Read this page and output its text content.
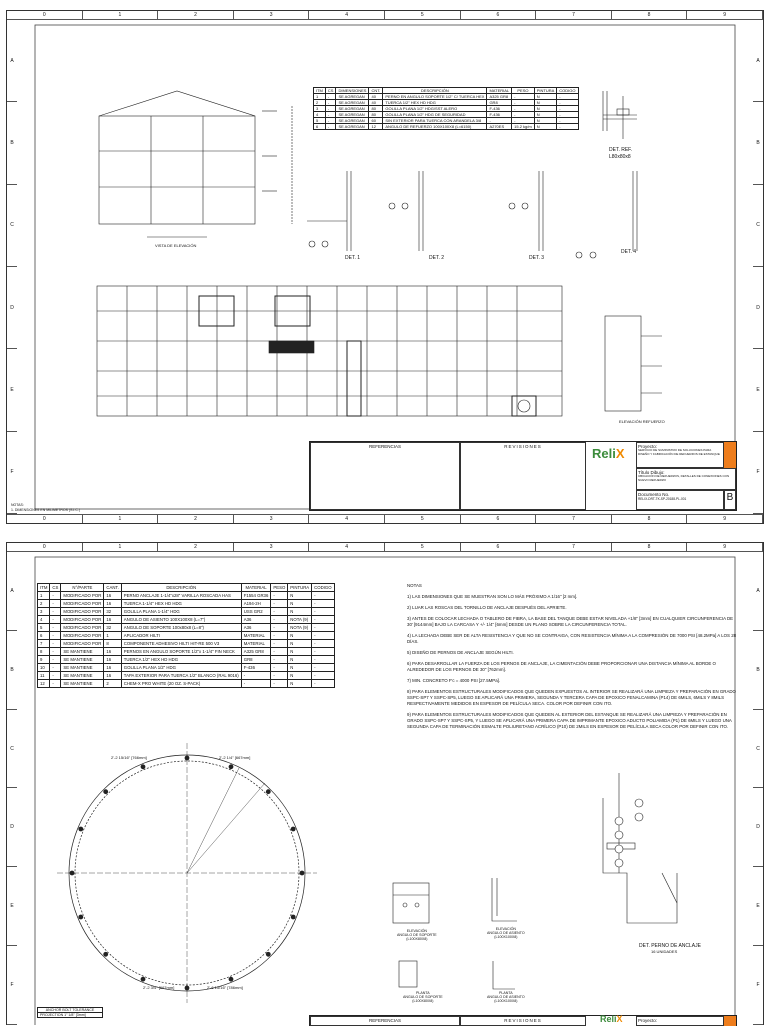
0	1	2	3	4	5	6	7	8	9
0	1	2	3	4	5	6	7	8	9
A
B
C
D
E
F
A
B
C
D
E
F
ITM	CS	DIMENSIONES	CNT.	DESCRIPCIÓN	MATERIAL	PESO	PINTURA	CODIGO
1	-	SE AGREGAN	40	PERNO EN ANGULO SOPORTE 1/2" C/ TUERCA HEX	A325 GR8	-	N	-
2	-	SE AGREGAN	40	TUERCA 1/2" HEX HD HDG	GR8	-	N	-
3	-	SE AGREGAN	80	GOLILLA PLANA 1/2" HDG/SST ALERO	F-436	-	N	-
4	-	SE AGREGAN	80	GOLILLA PLANA 1/2" HDG DE SEGURIDAD	F-436	-	N	-
5	-	SE AGREGAN	60	SIN EXTERIOR PARA TUERCA CON ARANDELA 3/8	-	-	N	-
6	-	SE AGREGAN	12	ANGULO DE REFUERZO 100X100X8 (L=6150)	A270ES	15.2 kg/m	N	-
DET. REF.
L80x80x8
DET. 1	DET. 2	DET. 3
DET. 4
VISTA DE ELEVACIÓN
ELEVACIÓN REFUERZO
NOTAS:
1. DIMENSIONES EN MILIMETROS (S.I.C.)
REFERENCIAS	REVISIONES	ReliX	Proyecto:
SERVICIO DE SUMINISTRO DE SOLUCIONES PARA DISEÑO Y FABRICACIÓN DE REFUERZOS DE ESTANQUE
Título Dibujo:
UBICACIÓN DE REFUERZOS, DETALLES DE CONEXIONES CON NUEVO REFUERZO
Documento No.
RELIX-DRT-TK-SP-20188-PL-001	B
0	1	2	3	4	5	6	7	8	9
A
B
C
D
E
F
A
B
C
D
E
F
ITM	CS	N°/PARTE	CANT.	DESCRIPCIÓN	MATERIAL	PESO	PINTURA	CODIGO
1	-	MODIFICADO POR	16	PERNO ANCLAJE 1-1/4"x28" VARILLA ROSCADA HAS	F1554 GR36	-	N	-
2	-	MODIFICADO POR	16	TUERCA 1-1/4" HEX HD HDG	A194-2H	-	N	-
3	-	MODIFICADO POR	32	GOLILLA PLANA 1-1/4" HDG	USS GR2	-	N	-
4	-	MODIFICADO POR	16	ANGULO DE ASIENTO 100X100X8 (L=7")	A36	-	NOTA (9)	-
5	-	MODIFICADO POR	32	ANGULO DE SOPORTE 100x80x8 (L=8")	A36	-	NOTA (9)	-
6	-	MODIFICADO POR	1	APLICADOR HILTI	MATERIAL	-	N	-
7	-	MODIFICADO POR	8	COMPONENTE ADHESIVO HILTI HIT-RE 500 V3	MATERIAL	-	N	-
8	-	SE MANTIENE	16	PERNOS EN ANGULO SOPORTE 1/2"x 1-1/4" FIN NECK	A325 GR8	-	N	-
9	-	SE MANTIENE	16	TUERCA 1/2" HEX HD HDG	GR8	-	N	-
10	-	SE MANTIENE	16	GOLILLA PLANA 1/2" HDG	F-436	-	N	-
11	-	SE MANTIENE	16	TAPA EXTERIOR PARA TUERCA 1/2" BLANCO (RAL 9016)	-	-	N	-
12	-	SE MANTIENE	2	CHEM-X PRO WHITE (20 OZ. S-PACK)	-	-	N	-

NOTAS

1) LAS DIMENSIONES QUE SE MUESTRAN SON LO MÁS PRÓXIMO A 1/16" [2 mm].

2) LUAR LAS ROSCAS DEL TORNILLO DE ANCLAJE DESPUÉS DEL APRIETE.

3) ANTES DE COLOCAR LECHADA O TABLERO DE FIBRA, LA BASE DEL TANQUE DEBE ESTAR NIVELADA +1/8" [3mm] EN CUALQUIER CIRCUNFERENCIA DE 30' [9144mm] BAJO LA CARCASA Y +/- 1/4" [6mm] DESDE UN PLANO SOBRE LA CIRCUNFERENCIA TOTAL.

4) LA LECHADA DEBE SER DE ALTA RESISTENCIA Y QUE NO SE CONTRAIGA, CON RESISTENCIA MÍNIMA A LA COMPRESIÓN DE 7000 PSI [48.2MPa] A LOS 28 DÍAS.

5) DISEÑO DE PERNOS DE ANCLAJE SEGÚN HILTI.

6) PARA DESARROLLAR LA FUERZA DE LOS PERNOS DE ANCLAJE, LA CIMENTACIÓN DEBE PROPORCIONAR UNA DISTANCIA MÍNIMA AL BORDE O ALREDEDOR DE LOS PERNOS DE 30" [762mm].

7) MIN. CONCRETO F'c = 4000 PSI [27.5MPa].

8) PARA ELEMENTOS ESTRUCTURALES MODIFICADOS QUE QUEDEN EXPUESTOS AL INTERIOR SE REALIZARÁ UNA LIMPIEZA Y PREPARACIÓN EN GRADO SSPC-SP7 Y SSPC-SP5, LUEGO SE APLICARÁ UNA PRIMERA, SEGUNDA Y TERCERA CAPA DE EPOXICO FENALCAMINA (P14) DE 6MILS, 6MILS Y 8MILS RESPECTIVAMENTE MEDIDOS EN ESPESOR DE PELÍCULA SECA. COLOR POR DEFINIR CON ITO.

9) PARA ELEMENTOS ESTRUCTURALES MODIFICADOS QUE QUEDEN AL EXTERIOR DEL ESTANQUE SE REALIZARÁ UNA LIMPIEZA Y PREPARACIÓN EN GRADO SSPC-SP7 Y SSPC-SP5, Y LUEGO SE APLICARÁ UNA PRIMERA CAPA DE IMPRIMANTE EPOXICO ADUCTO POLIAMIDA (P1) DE 6MILS Y LUEGO UNA SEGUNDA CAPA DE TERMINACIÓN ESMALTE POLIURETANO ACRÍLICO (P10) DE 2MILS EN ESPESOR DE PELÍCULA SECA COLOR POR DEFINIR CON ITO.

2'-2 15/16" [766mm]	2'-2 1/4" [667mm]
2'-2 3/4" [667mm]	2'-6 15/16" [786mm]
ELEVACIÓN
ANGULO DE SOPORTE
(L100X80X8)
ELEVACIÓN
ANGULO DE ASIENTO
(L100X100X8)
PLANTA
ANGULO DE SOPORTE
(L100X80X8)
PLANTA
ANGULO DE ASIENTO
(L100X100X8)
DET. PERNO DE ANCLAJE
16 UNIDADES
ANCHOR BOLT TOLERANCE
PROJECTION 1" 1/8" [3mm]
REFERENCIAS	REVISIONES	ReliX	Proyecto:
